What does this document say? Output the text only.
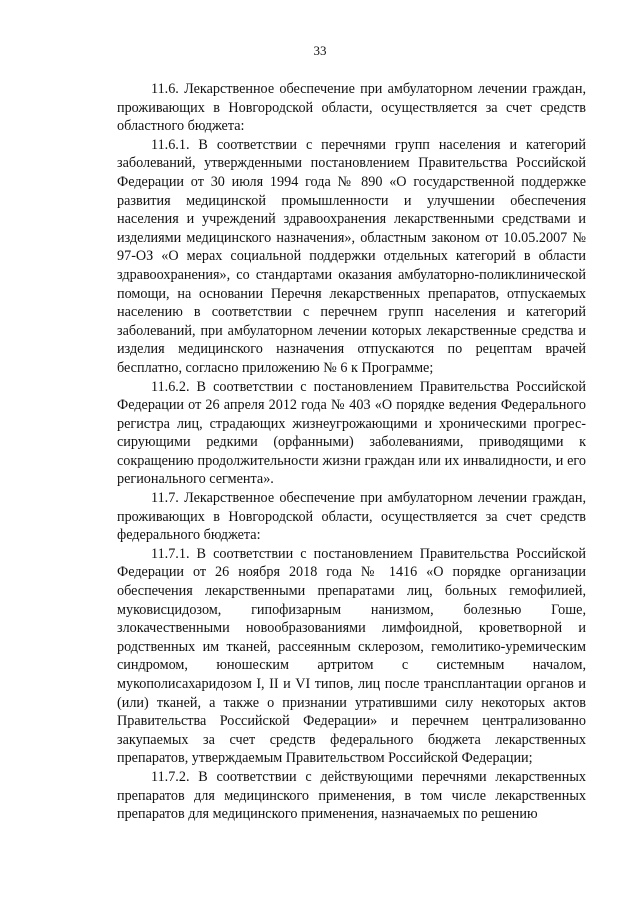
33

11.6. Лекарственное обеспечение при амбулаторном лечении граждан, проживающих в Новгородской области, осуществляется за счет средств областного бюджета:

11.6.1. В соответствии с перечнями групп населения и категорий заболеваний, утвержденными постановлением Правительства Российской Федерации от 30 июля 1994 года № 890 «О государственной поддержке развития медицинской промышленности и улучшении обеспечения населения и учреждений здравоохранения лекарственными средствами и изделиями медицинского назначения», областным законом от 10.05.2007 № 97-ОЗ «О мерах социальной поддержки отдельных категорий в области здравоохранения», со стандартами оказания амбулаторно-поликлинической помощи, на основании Перечня лекарственных препаратов, отпускаемых населению в соответствии с перечнем групп населения и категорий заболеваний, при амбулаторном лечении которых лекарственные средства и изделия медицинского назначения отпускаются по рецептам врачей бесплатно, согласно приложению № 6 к Программе;

11.6.2. В соответствии с постановлением Правительства Российской Федерации от 26 апреля 2012 года № 403 «О порядке ведения Федерального регистра лиц, страдающих жизнеугрожающими и хроническими прогрес-сирующими редкими (орфанными) заболеваниями, приводящими к сокращению продолжительности жизни граждан или их инвалидности, и его регионального сегмента».

11.7. Лекарственное обеспечение при амбулаторном лечении граждан, проживающих в Новгородской области, осуществляется за счет средств федерального бюджета:

11.7.1. В соответствии с постановлением Правительства Российской Федерации от 26 ноября 2018 года № 1416 «О порядке организации обеспечения лекарственными препаратами лиц, больных гемофилией, муковисцидозом, гипофизарным нанизмом, болезнью Гоше, злокачественными новообразованиями лимфоидной, кроветворной и родственных им тканей, рассеянным склерозом, гемолитико-уремическим синдромом, юношеским артритом с системным началом, мукополисахаридозом I, II и VI типов, лиц после трансплантации органов и (или) тканей, а также о признании утратившими силу некоторых актов Правительства Российской Федерации» и перечнем централизованно закупаемых за счет средств федерального бюджета лекарственных препаратов, утверждаемым Правительством Российской Федерации;

11.7.2. В соответствии с действующими перечнями лекарственных препаратов для медицинского применения, в том числе лекарственных препаратов для медицинского применения, назначаемых по решению
